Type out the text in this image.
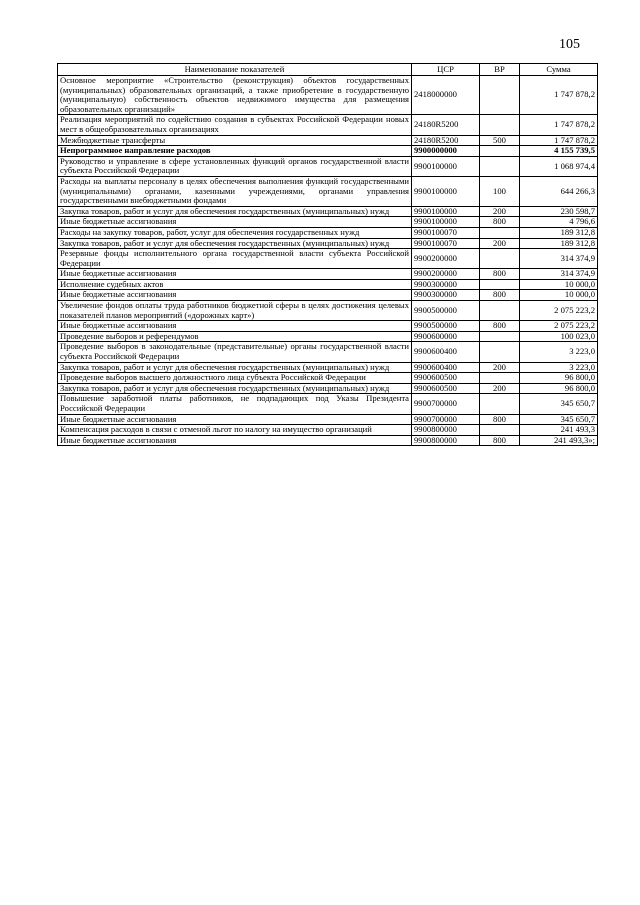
105
Наименование показателей	ЦСР	ВР	Сумма
Основное мероприятие «Строительство (реконструкция) объектов государственных (муниципальных) образовательных организаций, а также приобретение в государственную (муниципальную) собственность объектов недвижимого имущества для размещения образовательных организаций»	2418000000		1 747 878,2
Реализация мероприятий по содействию создания в субъектах Российской Федерации новых мест в общеобразовательных организациях	24180R5200		1 747 878,2
Межбюджетные трансферты	24180R5200	500	1 747 878,2
Непрограммное направление расходов	9900000000		4 155 739,5
Руководство и управление в сфере установленных функций органов государственной власти субъекта Российской Федерации	9900100000		1 068 974,4
Расходы на выплаты персоналу в целях обеспечения выполнения функций государственными (муниципальными) органами, казенными учреждениями, органами управления государственными внебюджетными фондами	9900100000	100	644 266,3
Закупка товаров, работ и услуг для обеспечения государственных (муниципальных) нужд	9900100000	200	230 598,7
Иные бюджетные ассигнования	9900100000	800	4 796,6
Расходы на закупку товаров, работ, услуг для обеспечения государственных нужд	9900100070		189 312,8
Закупка товаров, работ и услуг для обеспечения государственных (муниципальных) нужд	9900100070	200	189 312,8
Резервные фонды исполнительного органа государственной власти субъекта Российской Федерации	9900200000		314 374,9
Иные бюджетные ассигнования	9900200000	800	314 374,9
Исполнение судебных актов	9900300000		10 000,0
Иные бюджетные ассигнования	9900300000	800	10 000,0
Увеличение фондов оплаты труда работников бюджетной сферы в целях достижения целевых показателей планов мероприятий («дорожных карт»)	9900500000		2 075 223,2
Иные бюджетные ассигнования	9900500000	800	2 075 223,2
Проведение выборов и референдумов	9900600000		100 023,0
Проведение выборов в законодательные (представительные) органы государственной власти субъекта Российской Федерации	9900600400		3 223,0
Закупка товаров, работ и услуг для обеспечения государственных (муниципальных) нужд	9900600400	200	3 223,0
Проведение выборов высшего должностного лица субъекта Российской Федерации	9900600500		96 800,0
Закупка товаров, работ и услуг для обеспечения государственных (муниципальных) нужд	9900600500	200	96 800,0
Повышение заработной платы работников, не подпадающих под Указы Президента Российской Федерации	9900700000		345 650,7
Иные бюджетные ассигнования	9900700000	800	345 650,7
Компенсация расходов в связи с отменой льгот по налогу на имущество организаций	9900800000		241 493,3
Иные бюджетные ассигнования	9900800000	800	241 493,3»;
